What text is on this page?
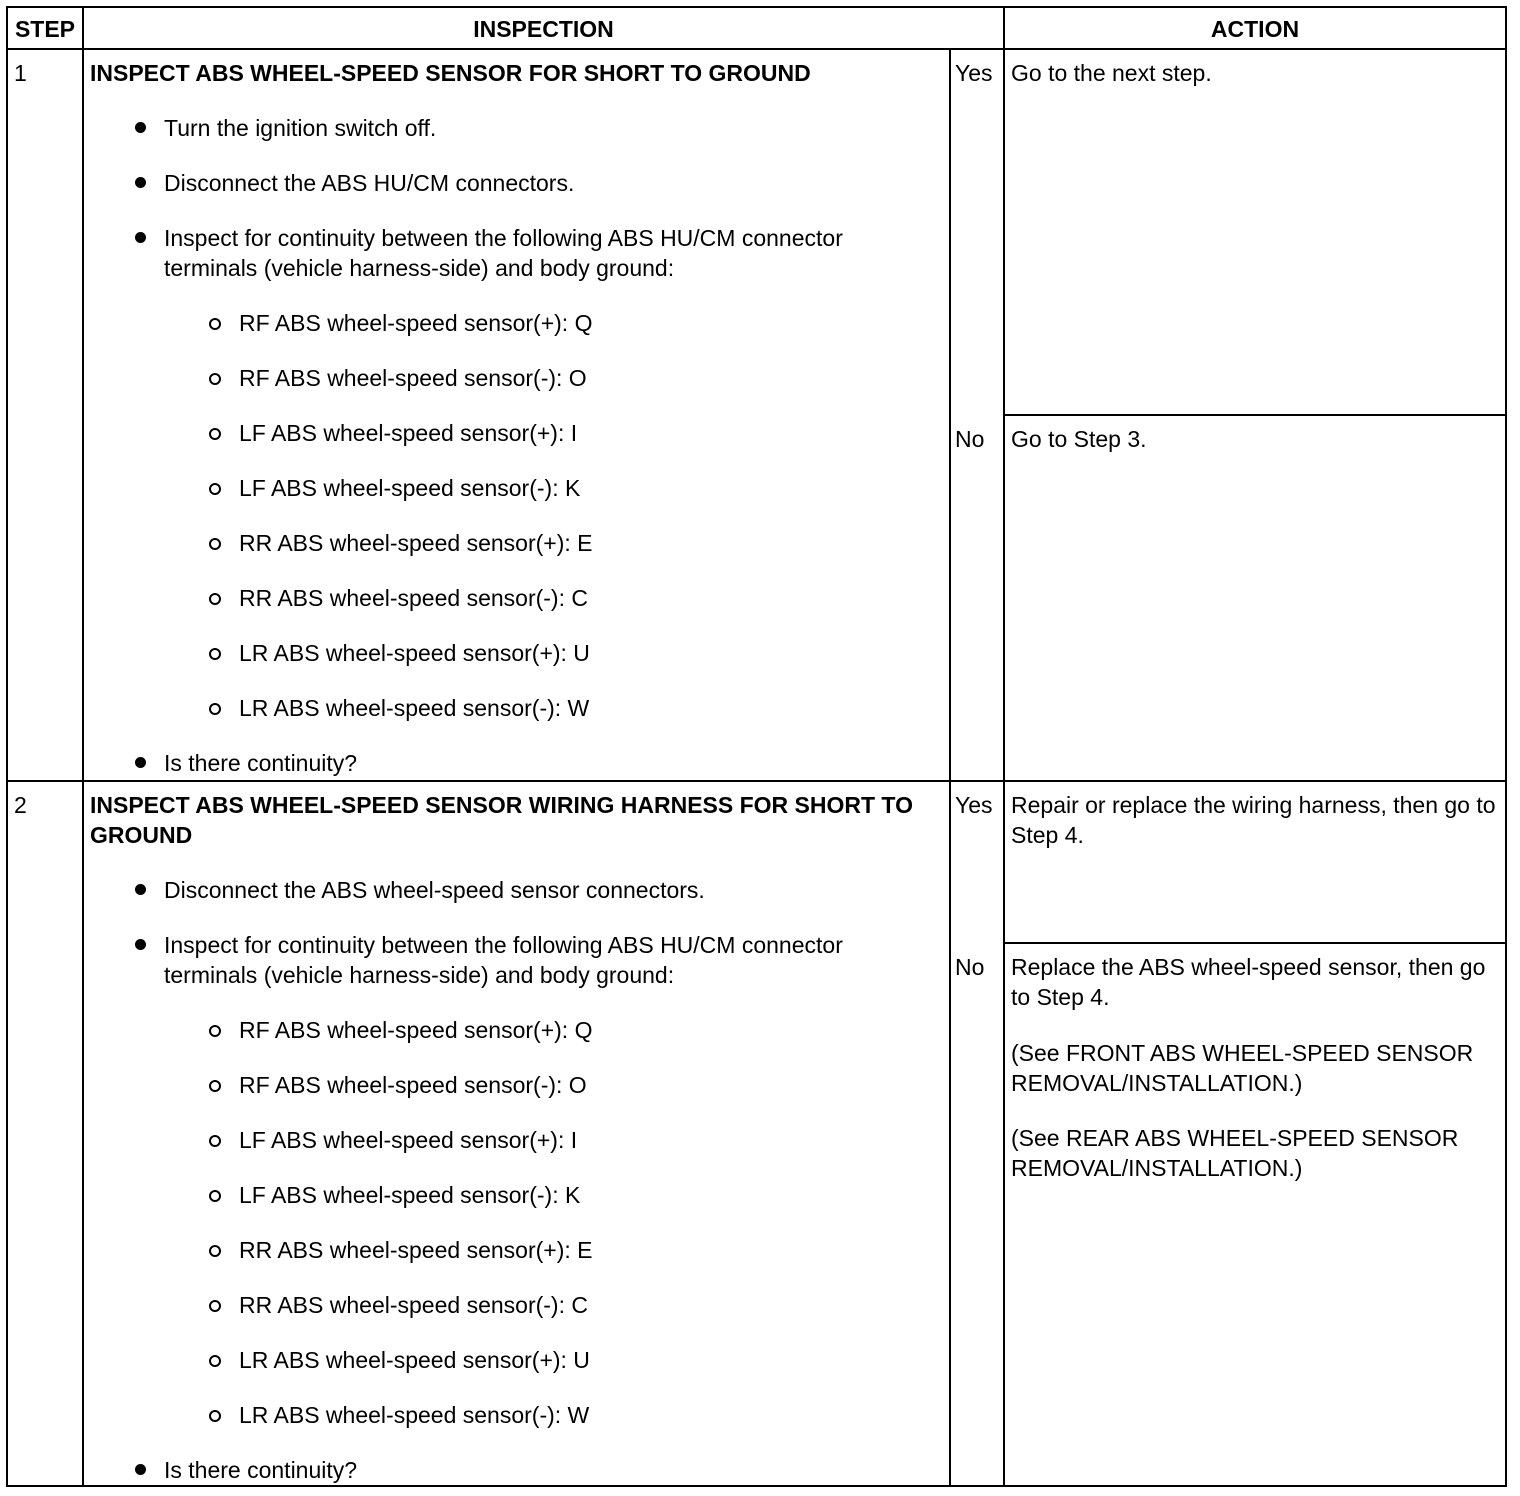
STEP	INSPECTION	ACTION
1	INSPECT ABS WHEEL-SPEED SENSOR FOR SHORT TO GROUND
Turn the ignition switch off.
Disconnect the ABS HU/CM connectors.
Inspect for continuity between the following ABS HU/CM connector terminals (vehicle harness-side) and body ground:
RF ABS wheel-speed sensor(+): Q
RF ABS wheel-speed sensor(-): O
LF ABS wheel-speed sensor(+): I
LF ABS wheel-speed sensor(-): K
RR ABS wheel-speed sensor(+): E
RR ABS wheel-speed sensor(-): C
LR ABS wheel-speed sensor(+): U
LR ABS wheel-speed sensor(-): W
Is there continuity?
Yes Go to the next step.
No Go to Step 3.
2	INSPECT ABS WHEEL-SPEED SENSOR WIRING HARNESS FOR SHORT TO GROUND
Disconnect the ABS wheel-speed sensor connectors.
Inspect for continuity between the following ABS HU/CM connector terminals (vehicle harness-side) and body ground:
RF ABS wheel-speed sensor(+): Q
RF ABS wheel-speed sensor(-): O
LF ABS wheel-speed sensor(+): I
LF ABS wheel-speed sensor(-): K
RR ABS wheel-speed sensor(+): E
RR ABS wheel-speed sensor(-): C
LR ABS wheel-speed sensor(+): U
LR ABS wheel-speed sensor(-): W
Is there continuity?
Yes Repair or replace the wiring harness, then go to Step 4.
No Replace the ABS wheel-speed sensor, then go to Step 4.
(See FRONT ABS WHEEL-SPEED SENSOR REMOVAL/INSTALLATION.)
(See REAR ABS WHEEL-SPEED SENSOR REMOVAL/INSTALLATION.)
